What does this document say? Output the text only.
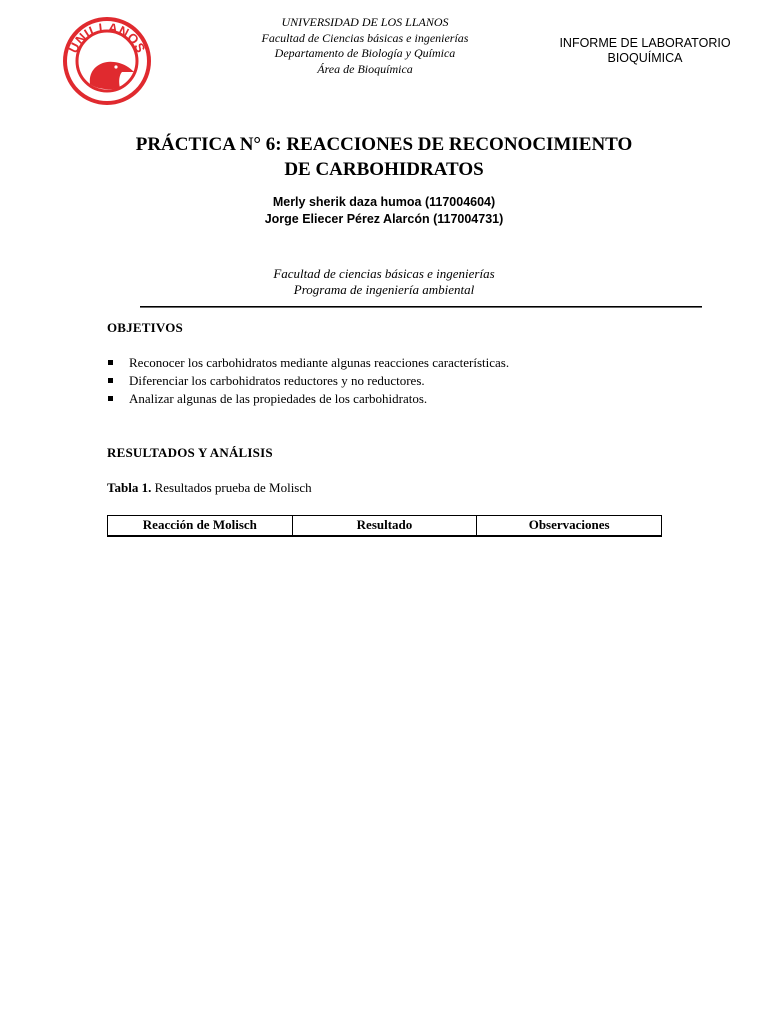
UNILLANOS
UNIVERSIDAD DE LOS LLANOS
Facultad de Ciencias básicas e ingenierías
Departamento de Biología y Química
Área de Bioquímica
INFORME DE LABORATORIO
BIOQUÍMICA
PRÁCTICA N° 6: REACCIONES DE RECONOCIMIENTO
DE CARBOHIDRATOS
Merly sherik daza humoa (117004604)
Jorge Eliecer Pérez Alarcón (117004731)
Facultad de ciencias básicas e ingenierías
Programa de ingeniería ambiental
OBJETIVOS
Reconocer los carbohidratos mediante algunas reacciones características.
Diferenciar los carbohidratos reductores y no reductores.
Analizar algunas de las propiedades de los carbohidratos.
RESULTADOS Y ANÁLISIS
Tabla 1. Resultados prueba de Molisch
Reacción de Molisch	Resultado	Observaciones
